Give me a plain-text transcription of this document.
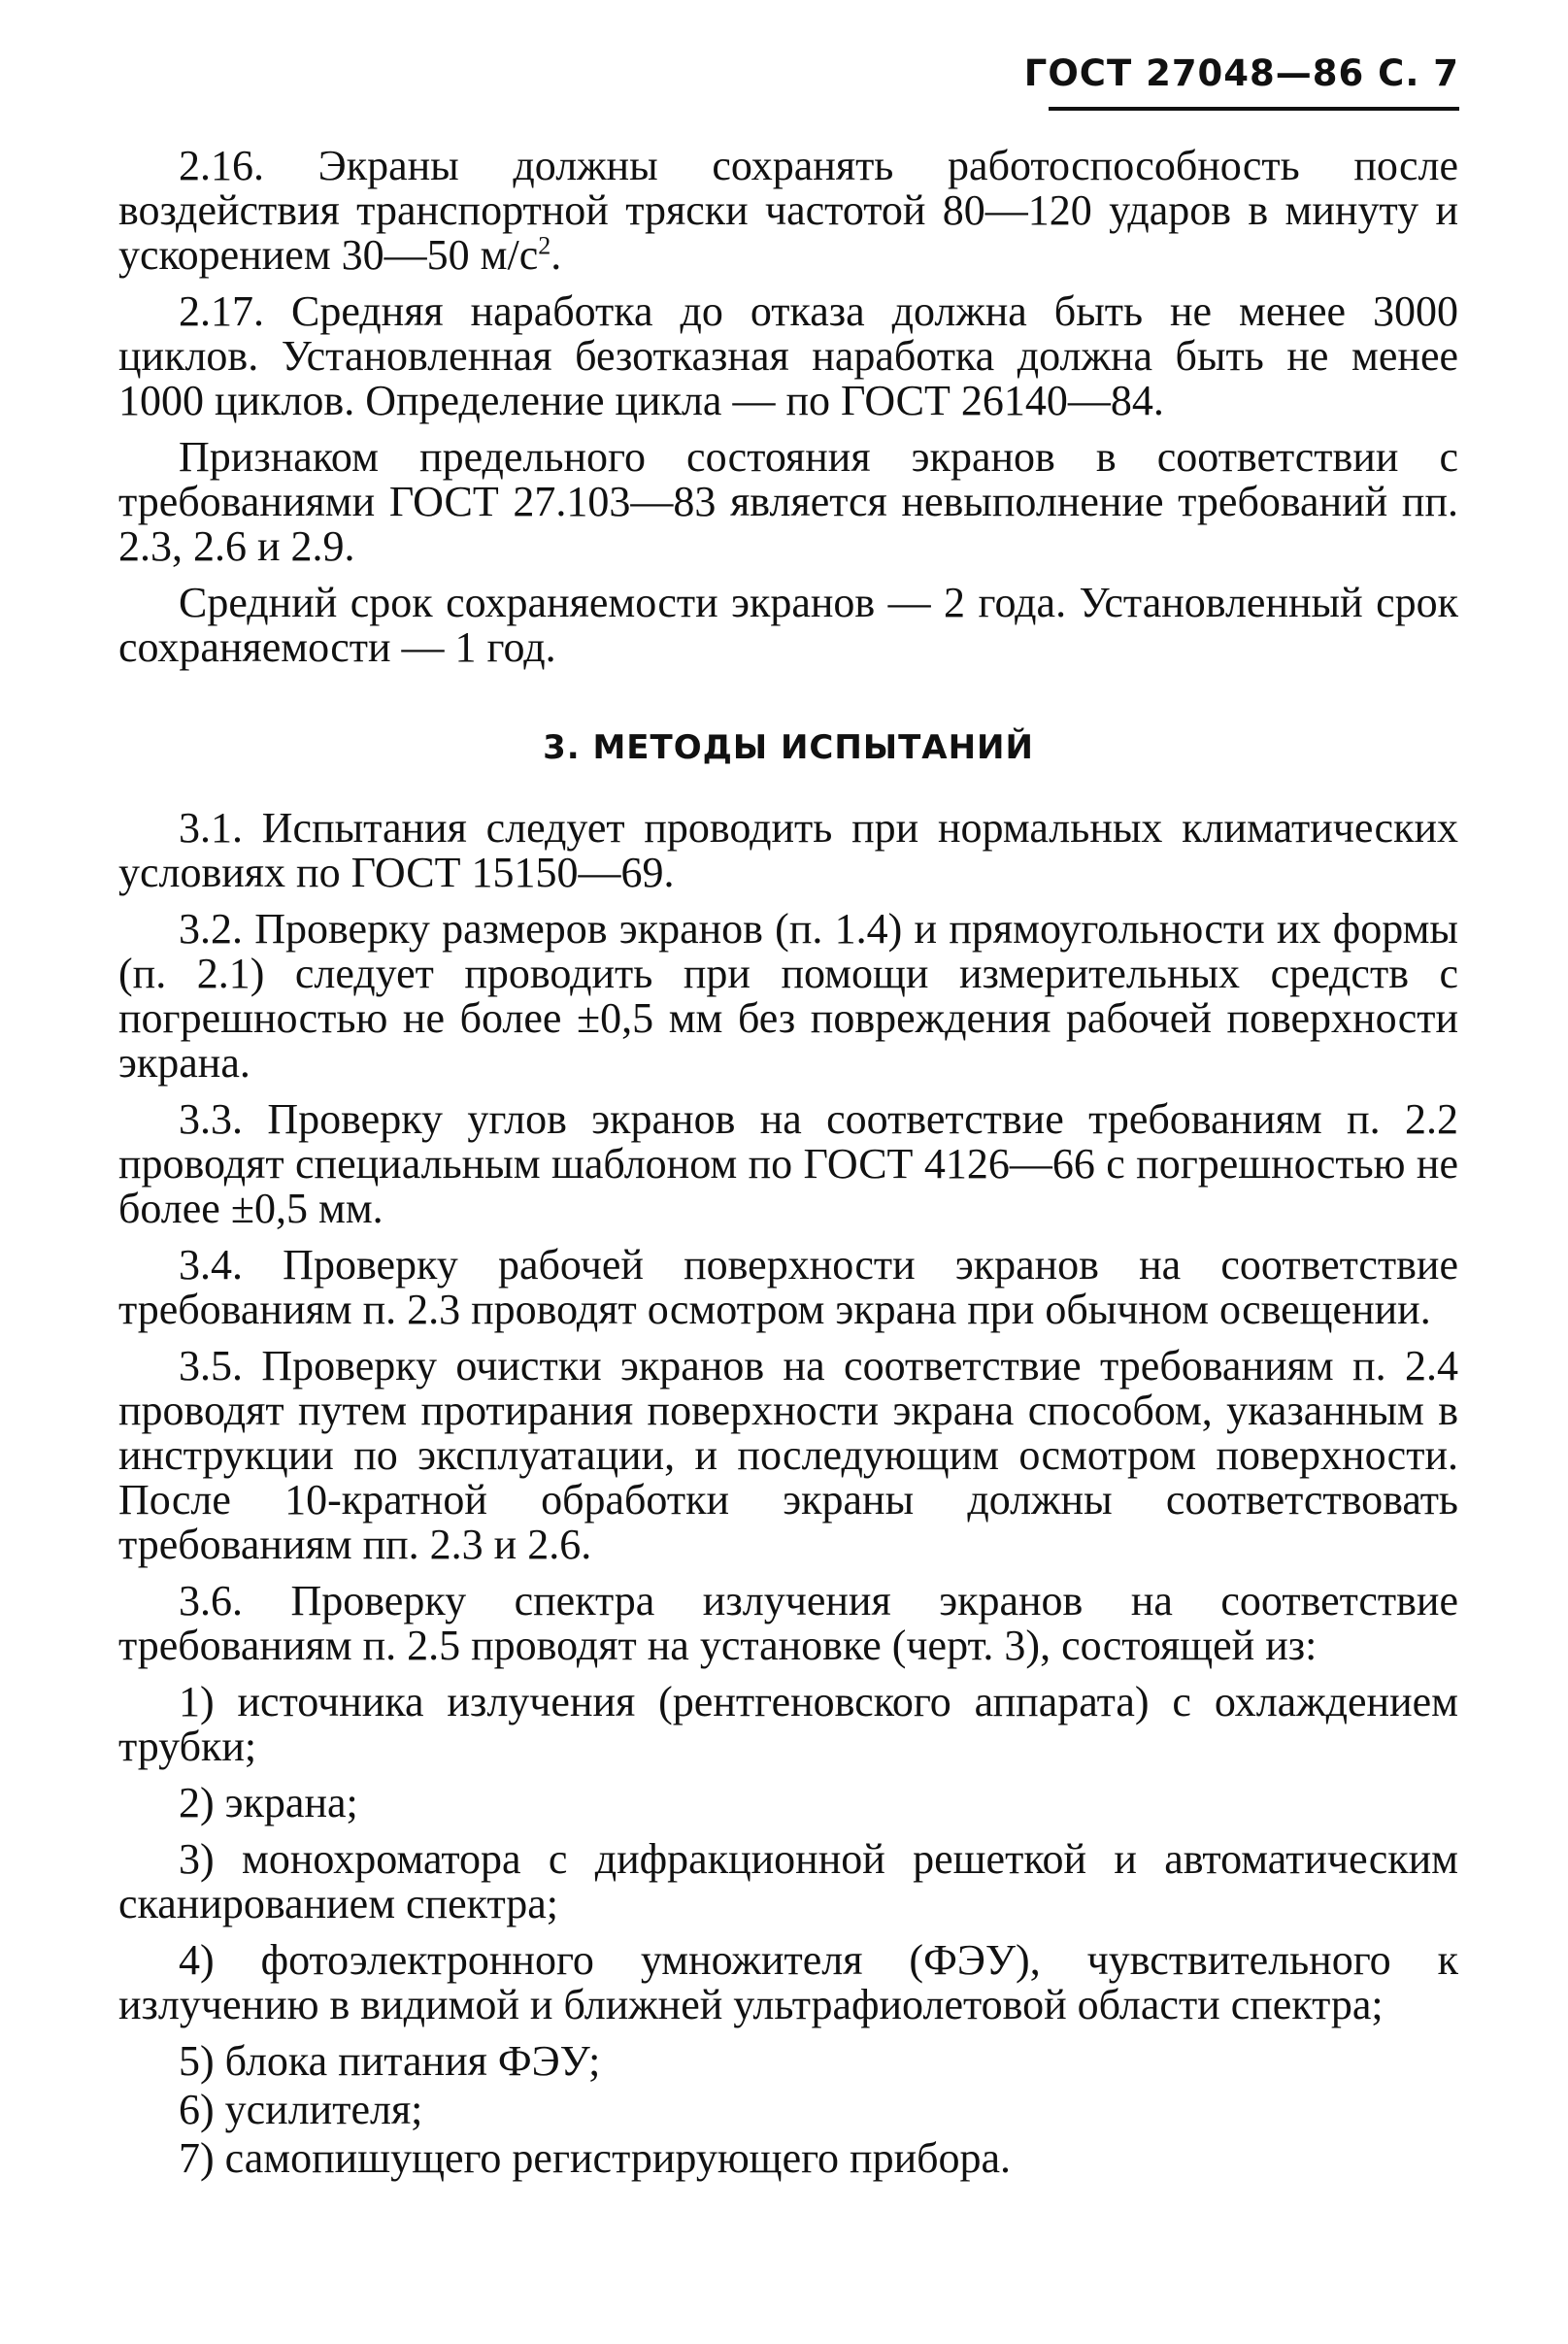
ГОСТ 27048—86 С. 7

2.16. Экраны должны сохранять работоспособность после воздействия транспортной тряски частотой 80—120 ударов в минуту и ускорением 30—50 $м/с^2$.

2.17. Средняя наработка до отказа должна быть не менее 3000 циклов. Установленная безотказная наработка должна быть не менее 1000 циклов. Определение цикла — по ГОСТ 26140—84.

Признаком предельного состояния экранов в соответствии с требованиями ГОСТ 27.103—83 является невыполнение требований пп. 2.3, 2.6 и 2.9.

Средний срок сохраняемости экранов — 2 года. Установленный срок сохраняемости — 1 год.

3. МЕТОДЫ ИСПЫТАНИЙ

3.1. Испытания следует проводить при нормальных климатических условиях по ГОСТ 15150—69.

3.2. Проверку размеров экранов (п. 1.4) и прямоугольности их формы (п. 2.1) следует проводить при помощи измерительных средств с погрешностью не более ±0,5 мм без повреждения рабочей поверхности экрана.

3.3. Проверку углов экранов на соответствие требованиям п. 2.2 проводят специальным шаблоном по ГОСТ 4126—66 с погрешностью не более ±0,5 мм.

3.4. Проверку рабочей поверхности экранов на соответствие требованиям п. 2.3 проводят осмотром экрана при обычном освещении.

3.5. Проверку очистки экранов на соответствие требованиям п. 2.4 проводят путем протирания поверхности экрана способом, указанным в инструкции по эксплуатации, и последующим осмотром поверхности. После 10-кратной обработки экраны должны соответствовать требованиям пп. 2.3 и 2.6.

3.6. Проверку спектра излучения экранов на соответствие требованиям п. 2.5 проводят на установке (черт. 3), состоящей из:

1) источника излучения (рентгеновского аппарата) с охлаждением трубки;

2) экрана;

3) монохроматора с дифракционной решеткой и автоматическим сканированием спектра;

4) фотоэлектронного умножителя (ФЭУ), чувствительного к излучению в видимой и ближней ультрафиолетовой области спектра;

5) блока питания ФЭУ;

6) усилителя;

7) самопишущего регистрирующего прибора.
